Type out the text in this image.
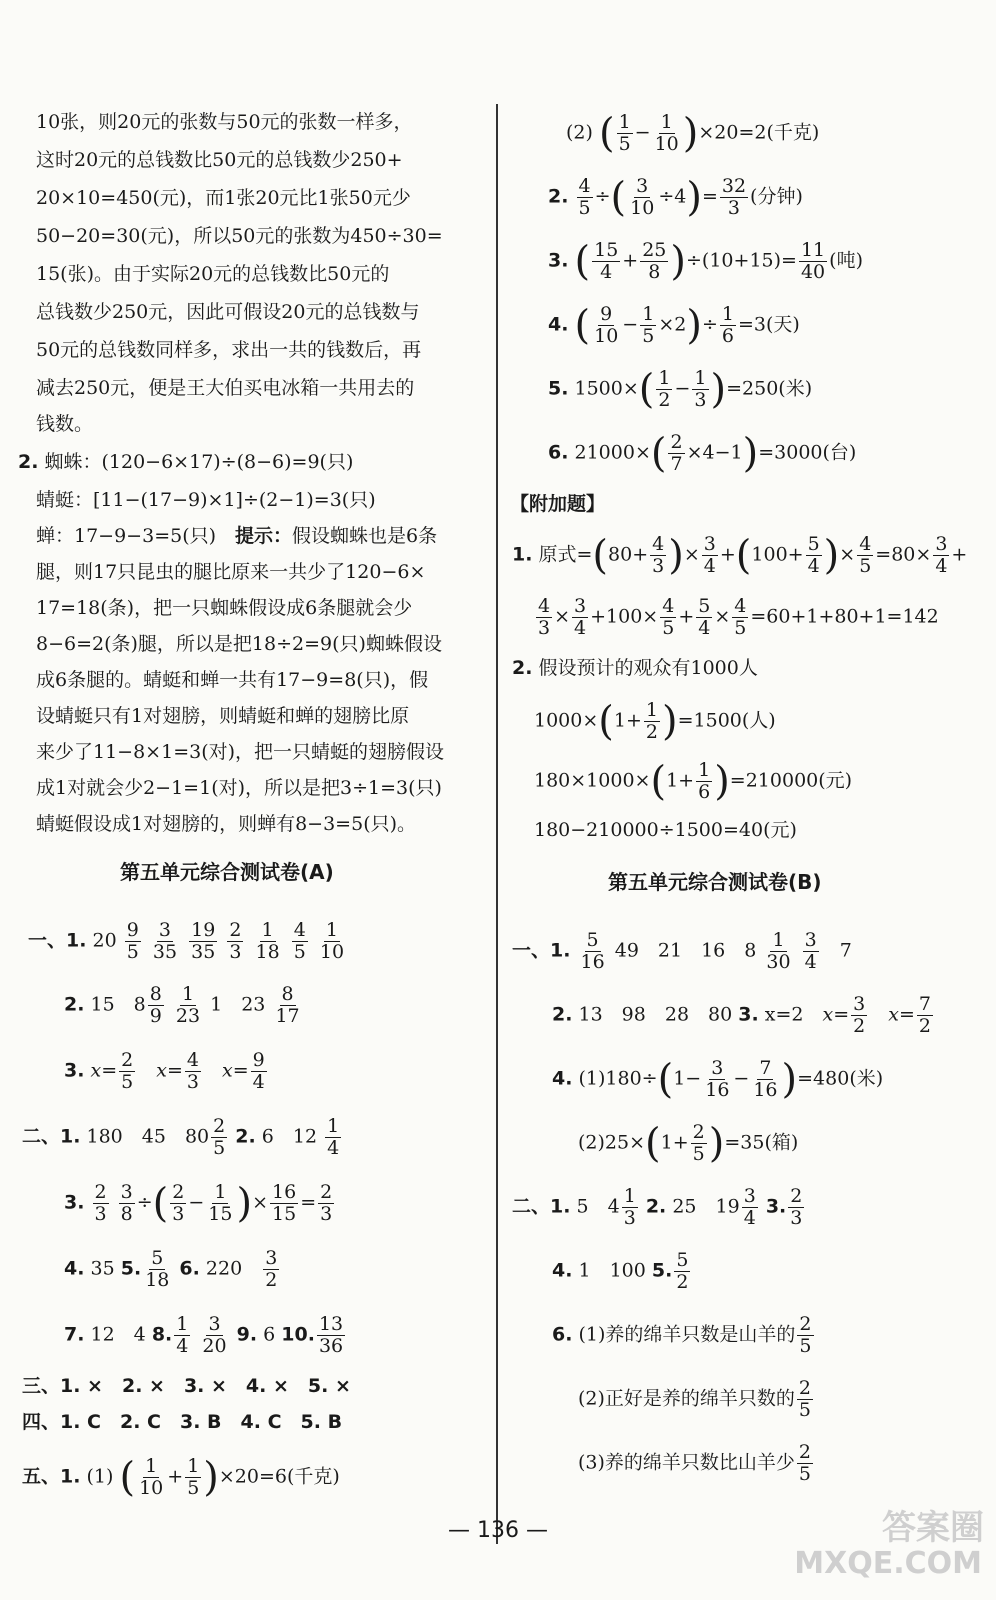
10张，则20元的张数与50元的张数一样多，
这时20元的总钱数比50元的总钱数少250+
20×10=450(元)，而1张20元比1张50元少
50−20=30(元)，所以50元的张数为450÷30=
15(张)。由于实际20元的总钱数比50元的
总钱数少250元，因此可假设20元的总钱数与
50元的总钱数同样多，求出一共的钱数后，再
减去250元，便是王大伯买电冰箱一共用去的
钱数。
2. 蜘蛛：(120−6×17)÷(8−6)=9(只)
蜻蜓：[11−(17−9)×1]÷(2−1)=3(只)
蝉：17−9−3=5(只)　提示：假设蜘蛛也是6条
腿，则17只昆虫的腿比原来一共少了120−6×
17=18(条)，把一只蜘蛛假设成6条腿就会少
8−6=2(条)腿，所以是把18÷2=9(只)蜘蛛假设
成6条腿的。蜻蜓和蝉一共有17−9=8(只)，假
设蜻蜓只有1对翅膀，则蜻蜓和蝉的翅膀比原
来少了11−8×1=3(对)，把一只蜻蜓的翅膀假设
成1对就会少2−1=1(对)，所以是把3÷1=3(只)
蜻蜓假设成1对翅膀的，则蝉有8−3=5(只)。
第五单元综合测试卷(A)
一、1. $20 \frac{9}{5}$
$\frac{3}{35}$
$\frac{19}{35}$
$\frac{2}{3}$
$\frac{1}{18}$
$\frac{4}{5}$
$\frac{1}{10}$
2. 15　$8 \frac{8}{9}$
$\frac{1}{23} 1$　$23 \frac{8}{17}$
3. $x= \frac{2}{5}$
　 $x= \frac{4}{3}$
　 $x= \frac{9}{4}$
二、1. 180　45　$80 \frac{2}{5} 2$. 6　$12 \frac{1}{4}$
3. $\frac{2}{3}$
$\frac{3}{8}$ ÷( $\frac{2}{3} - \frac{1}{15}$ )× $\frac{16}{15} = \frac{2}{3}$
4. 35 5. $\frac{5}{18} 6$. 220　 $\frac{3}{2}$
7. 12　4 8. $\frac{1}{4}$
$\frac{3}{20} 9$. 6 10. $\frac{13}{36}$
三、1. ×　2. ×　3. ×　4. ×　5. ×
四、1. C　2. C　3. B　4. C　5. B
五、1. (1) ( $\frac{1}{10} + \frac{1}{5} )\times 20=6$(千克)
(2) ( $\frac{1}{5} - \frac{1}{10} )\times 20=2$(千克)
2. $\frac{4}{5}$ ÷( $\frac{3}{10} \div 4)= \frac{32}{3}$ (分钟)
3. ( $\frac{15}{4} + \frac{25}{8} )\div(10+15)= \frac{11}{40}$ (吨)
4. ( $\frac{9}{10} - \frac{1}{5} \times 2)\div \frac{1}{6} =3$(天)
5. $1500\times( \frac{1}{2} - \frac{1}{3} )=250$(米)
6. $21000\times( \frac{2}{7} \times 4-1)=3000$(台)
【附加题】
1. 原式$=(80+ \frac{4}{3}$ )× $\frac{3}{4} +(100+ \frac{5}{4}$ )× $\frac{4}{5} =80\times \frac{3}{4}$ +
$\frac{4}{3} \times \frac{3}{4} +100\times \frac{4}{5} + \frac{5}{4} \times \frac{4}{5} =60+1+80+1=142$
2. 假设预计的观众有1000人
$1000\times(1+ \frac{1}{2} )=1500$(人)
$180\times 1000\times(1+ \frac{1}{6} )=210000$(元)
180−210000÷1500=40(元)
第五单元综合测试卷(B)
一、1. $\frac{5}{16} 49$　21　16　$8 \frac{1}{30}$
$\frac{3}{4}$
　 7
2. 13　98　28　80 3. x=2　 $x= \frac{3}{2}$
　 $x= \frac{7}{2}$
4. $(1)180\div(1- \frac{3}{16} - \frac{7}{16} )=480$(米)
$(2)25\times(1+ \frac{2}{5} )=35$(箱)
二、1. 5　$4 \frac{1}{3} 2$. 25　$19 \frac{3}{4} 3$. $\frac{2}{3}$
4. 1　100 5. $\frac{5}{2}$
6. (1)养的绵羊只数是山羊的 $\frac{2}{5}$
(2)正好是养的绵羊只数的 $\frac{2}{5}$
(3)养的绵羊只数比山羊少 $\frac{2}{5}$
— 136 —	答案圈
MXQE.COM
